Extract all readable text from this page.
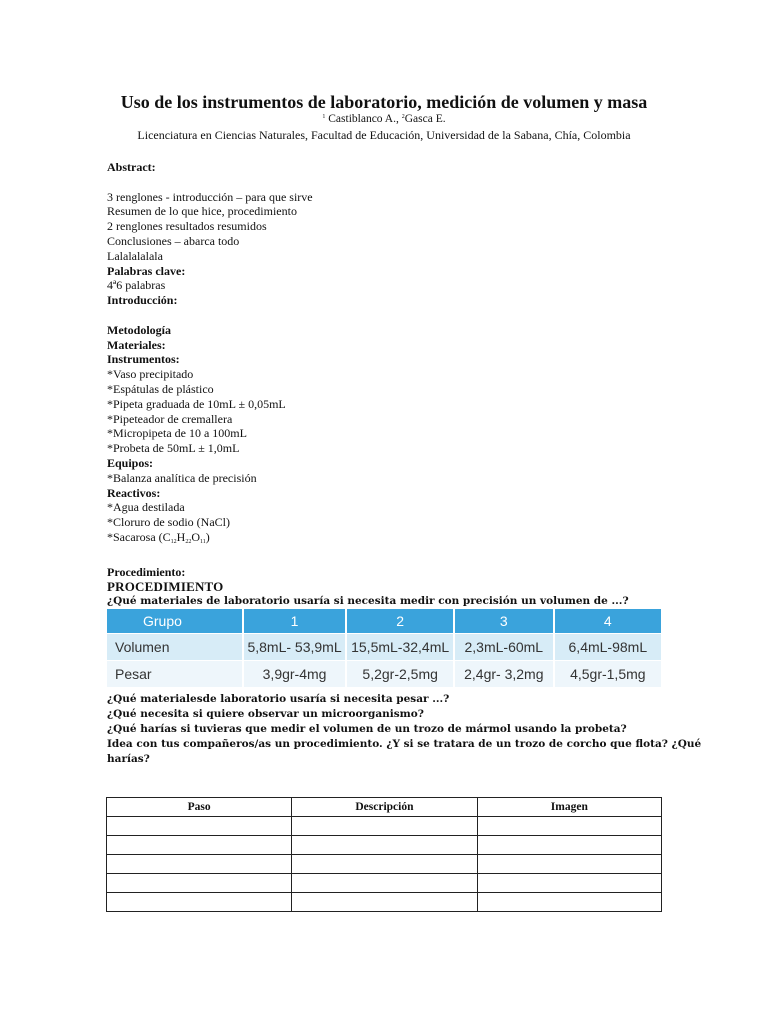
Uso de los instrumentos de laboratorio, medición de volumen y masa
$^1$ Castiblanco A., $^2$Gasca E.
Licenciatura en Ciencias Naturales, Facultad de Educación, Universidad de la Sabana, Chía, Colombia
Abstract:
3 renglones - introducción – para que sirve
Resumen de lo que hice, procedimiento
2 renglones resultados resumidos
Conclusiones – abarca todo
Lalalalalala
Palabras clave:
4ª6 palabras
Introducción:
Metodología
Materiales:
Instrumentos:
*Vaso precipitado
*Espátulas de plástico
*Pipeta graduada de 10mL ± 0,05mL
*Pipeteador de cremallera
*Micropipeta de 10 a 100mL
*Probeta de 50mL ± 1,0mL
Equipos:
*Balanza analítica de precisión
Reactivos:
*Agua destilada
*Cloruro de sodio (NaCl)
*Sacarosa $(C_{12}H_{22}O_{11})$
Procedimiento:
PROCEDIMIENTO
¿Qué materiales de laboratorio usaría si necesita medir con precisión un volumen de ...?
Grupo	1	2	3	4
Volumen	5,8mL- 53,9mL	15,5mL-32,4mL	2,3mL-60mL	6,4mL-98mL
Pesar	3,9gr-4mg	5,2gr-2,5mg	2,4gr- 3,2mg	4,5gr-1,5mg
¿Qué materialesde laboratorio usaría si necesita pesar ...?
¿Qué necesita si quiere observar un microorganismo?
¿Qué harías si tuvieras que medir el volumen de un trozo de mármol usando la probeta?
Idea con tus compañeros/as un procedimiento. ¿Y si se tratara de un trozo de corcho que flota? ¿Qué
harías?
Paso	Descripción	Imagen
